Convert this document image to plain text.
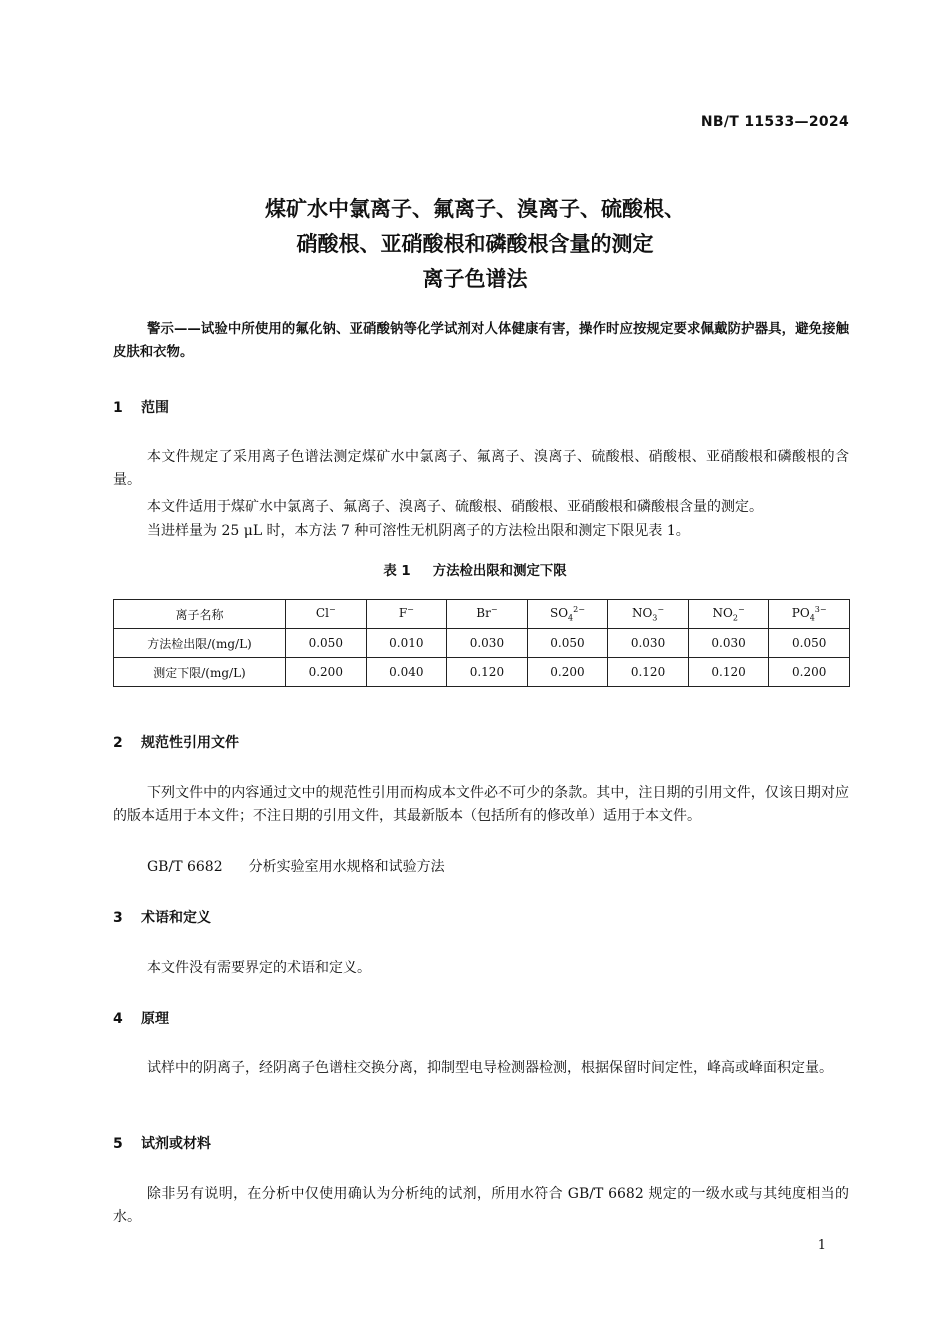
NB/T 11533—2024
煤矿水中氯离子、氟离子、溴离子、硫酸根、
硝酸根、亚硝酸根和磷酸根含量的测定
离子色谱法

警示——试验中所使用的氟化钠、亚硝酸钠等化学试剂对人体健康有害，操作时应按规定要求佩戴防护器具，避免接触皮肤和衣物。

1 范围

本文件规定了采用离子色谱法测定煤矿水中氯离子、氟离子、溴离子、硫酸根、硝酸根、亚硝酸根和磷酸根的含量。

本文件适用于煤矿水中氯离子、氟离子、溴离子、硫酸根、硝酸根、亚硝酸根和磷酸根含量的测定。

当进样量为 25 μL 时，本方法 7 种可溶性无机阴离子的方法检出限和测定下限见表 1。

表 1 方法检出限和测定下限
离子名称	Cl−	F−	Br−	$SO_4^{2-}$	$NO_3^-$	$NO_2^-$	$PO_4^{3-}$
方法检出限/(mg/L)	0.050	0.010	0.030	0.050	0.030	0.030	0.050
测定下限/(mg/L)	0.200	0.040	0.120	0.200	0.120	0.120	0.200
2 规范性引用文件

下列文件中的内容通过文中的规范性引用而构成本文件必不可少的条款。其中，注日期的引用文件，仅该日期对应的版本适用于本文件；不注日期的引用文件，其最新版本（包括所有的修改单）适用于本文件。

GB/T 6682 分析实验室用水规格和试验方法
3 术语和定义

本文件没有需要界定的术语和定义。

4 原理

试样中的阴离子，经阴离子色谱柱交换分离，抑制型电导检测器检测，根据保留时间定性，峰高或峰面积定量。

5 试剂或材料

除非另有说明，在分析中仅使用确认为分析纯的试剂，所用水符合 GB/T 6682 规定的一级水或与其纯度相当的水。

1
